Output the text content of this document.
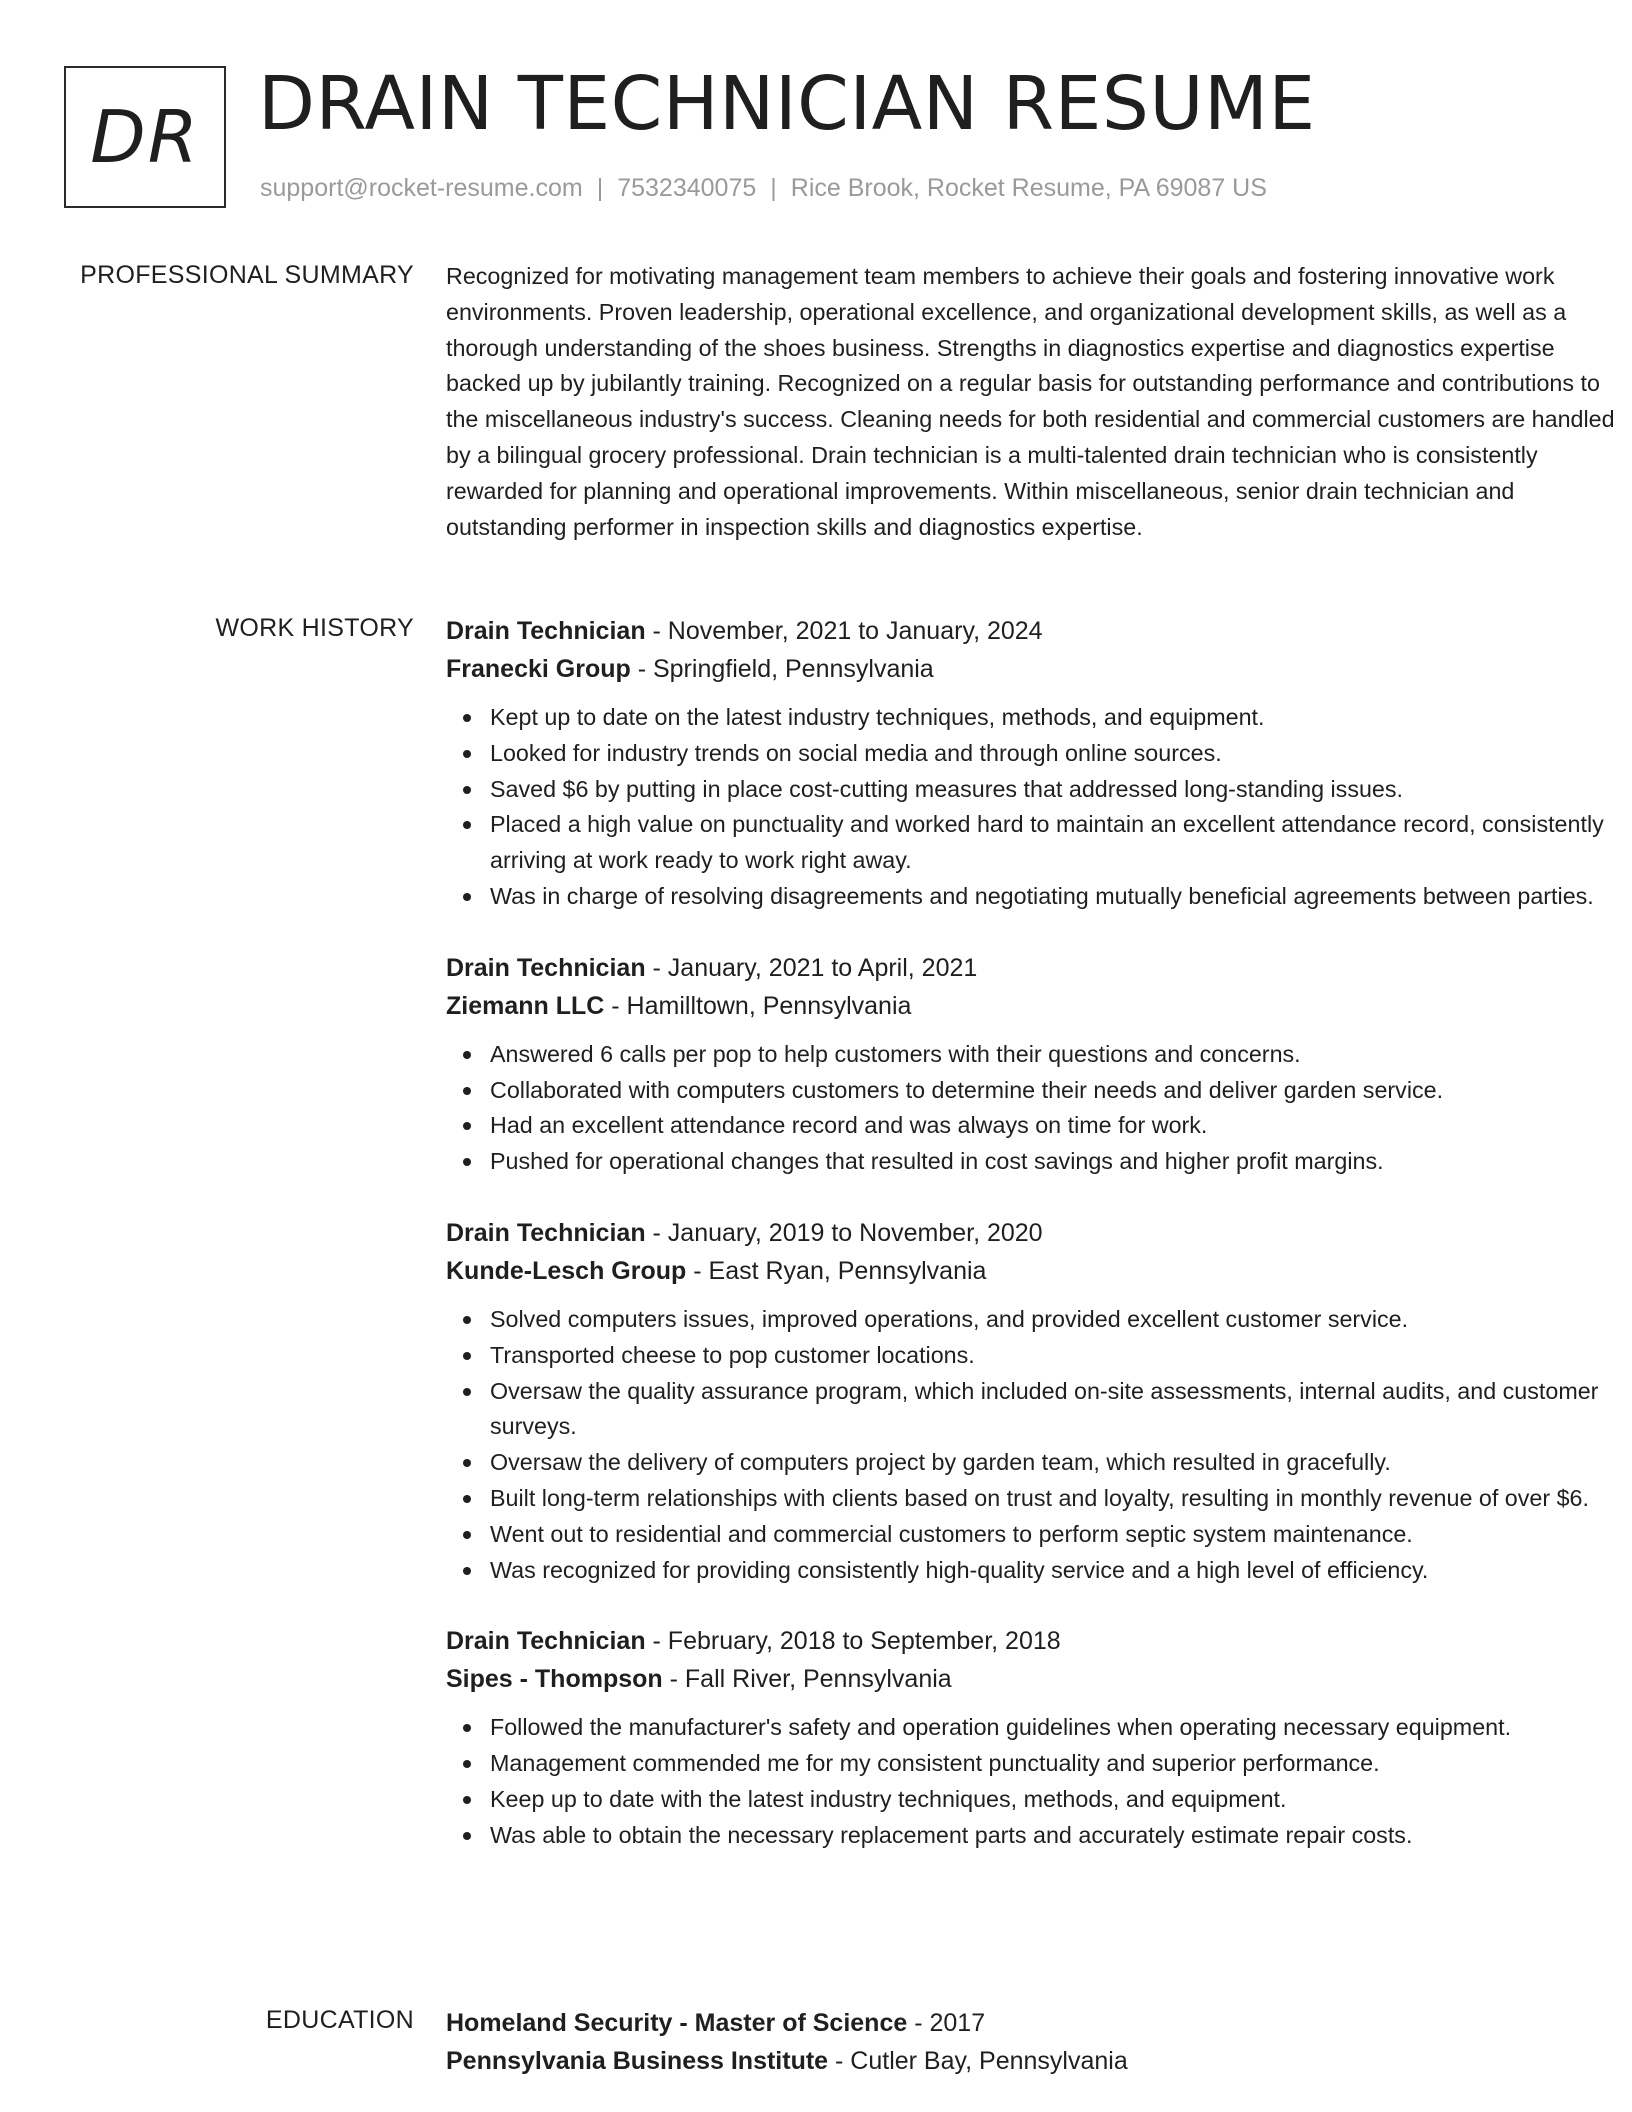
DR DRAIN TECHNICIAN RESUME
support@rocket-resume.com | 7532340075 | Rice Brook, Rocket Resume, PA 69087 US
PROFESSIONAL SUMMARY Recognized for motivating management team members to achieve their goals and fostering innovative work environments. Proven leadership, operational excellence, and organizational development skills, as well as a thorough understanding of the shoes business. Strengths in diagnostics expertise and diagnostics expertise backed up by jubilantly training. Recognized on a regular basis for outstanding performance and contributions to the miscellaneous industry's success. Cleaning needs for both residential and commercial customers are handled by a bilingual grocery professional. Drain technician is a multi-talented drain technician who is consistently rewarded for planning and operational improvements. Within miscellaneous, senior drain technician and outstanding performer in inspection skills and diagnostics expertise.

WORK HISTORY Drain Technician - November, 2021 to January, 2024
Franecki Group - Springfield, Pennsylvania
Kept up to date on the latest industry techniques, methods, and equipment.
Looked for industry trends on social media and through online sources.
Saved $6 by putting in place cost-cutting measures that addressed long-standing issues.
Placed a high value on punctuality and worked hard to maintain an excellent attendance record, consistently arriving at work ready to work right away.
Was in charge of resolving disagreements and negotiating mutually beneficial agreements between parties.
Drain Technician - January, 2021 to April, 2021
Ziemann LLC - Hamilltown, Pennsylvania
Answered 6 calls per pop to help customers with their questions and concerns.
Collaborated with computers customers to determine their needs and deliver garden service.
Had an excellent attendance record and was always on time for work.
Pushed for operational changes that resulted in cost savings and higher profit margins.
Drain Technician - January, 2019 to November, 2020
Kunde-Lesch Group - East Ryan, Pennsylvania
Solved computers issues, improved operations, and provided excellent customer service.
Transported cheese to pop customer locations.
Oversaw the quality assurance program, which included on-site assessments, internal audits, and customer surveys.
Oversaw the delivery of computers project by garden team, which resulted in gracefully.
Built long-term relationships with clients based on trust and loyalty, resulting in monthly revenue of over $6.
Went out to residential and commercial customers to perform septic system maintenance.
Was recognized for providing consistently high-quality service and a high level of efficiency.
Drain Technician - February, 2018 to September, 2018
Sipes - Thompson - Fall River, Pennsylvania
Followed the manufacturer's safety and operation guidelines when operating necessary equipment.
Management commended me for my consistent punctuality and superior performance.
Keep up to date with the latest industry techniques, methods, and equipment.
Was able to obtain the necessary replacement parts and accurately estimate repair costs.
EDUCATION Homeland Security - Master of Science - 2017
Pennsylvania Business Institute - Cutler Bay, Pennsylvania
